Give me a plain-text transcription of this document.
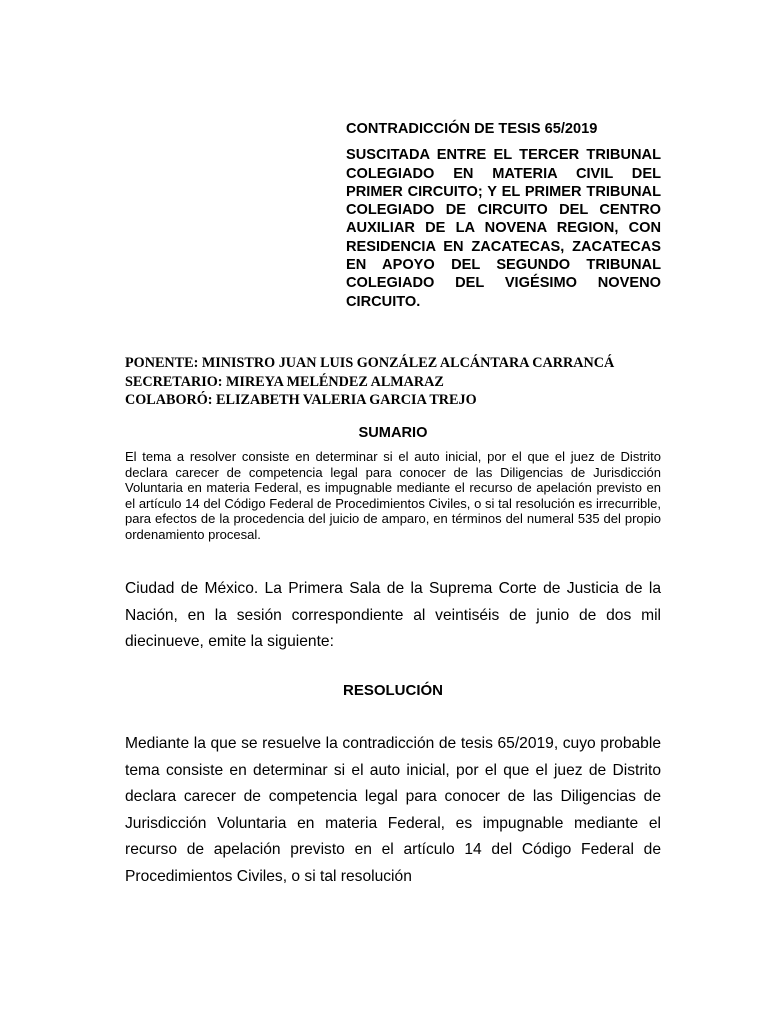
CONTRADICCIÓN DE TESIS 65/2019

SUSCITADA ENTRE EL TERCER TRIBUNAL COLEGIADO EN MATERIA CIVIL DEL PRIMER CIRCUITO; Y EL PRIMER TRIBUNAL COLEGIADO DE CIRCUITO DEL CENTRO AUXILIAR DE LA NOVENA REGION, CON RESIDENCIA EN ZACATECAS, ZACATECAS EN APOYO DEL SEGUNDO TRIBUNAL COLEGIADO DEL VIGÉSIMO NOVENO CIRCUITO.

PONENTE: MINISTRO JUAN LUIS GONZÁLEZ ALCÁNTARA CARRANCÁ

SECRETARIO: MIREYA MELÉNDEZ ALMARAZ

COLABORÓ: ELIZABETH VALERIA GARCIA TREJO

SUMARIO

El tema a resolver consiste en determinar si el auto inicial, por el que el juez de Distrito declara carecer de competencia legal para conocer de las Diligencias de Jurisdicción Voluntaria en materia Federal, es impugnable mediante el recurso de apelación previsto en el artículo 14 del Código Federal de Procedimientos Civiles, o si tal resolución es irrecurrible, para efectos de la procedencia del juicio de amparo, en términos del numeral 535 del propio ordenamiento procesal.

Ciudad de México. La Primera Sala de la Suprema Corte de Justicia de la Nación, en la sesión correspondiente al veintiséis de junio de dos mil diecinueve, emite la siguiente:

RESOLUCIÓN

Mediante la que se resuelve la contradicción de tesis 65/2019, cuyo probable tema consiste en determinar si el auto inicial, por el que el juez de Distrito declara carecer de competencia legal para conocer de las Diligencias de Jurisdicción Voluntaria en materia Federal, es impugnable mediante el recurso de apelación previsto en el artículo 14 del Código Federal de Procedimientos Civiles, o si tal resolución
